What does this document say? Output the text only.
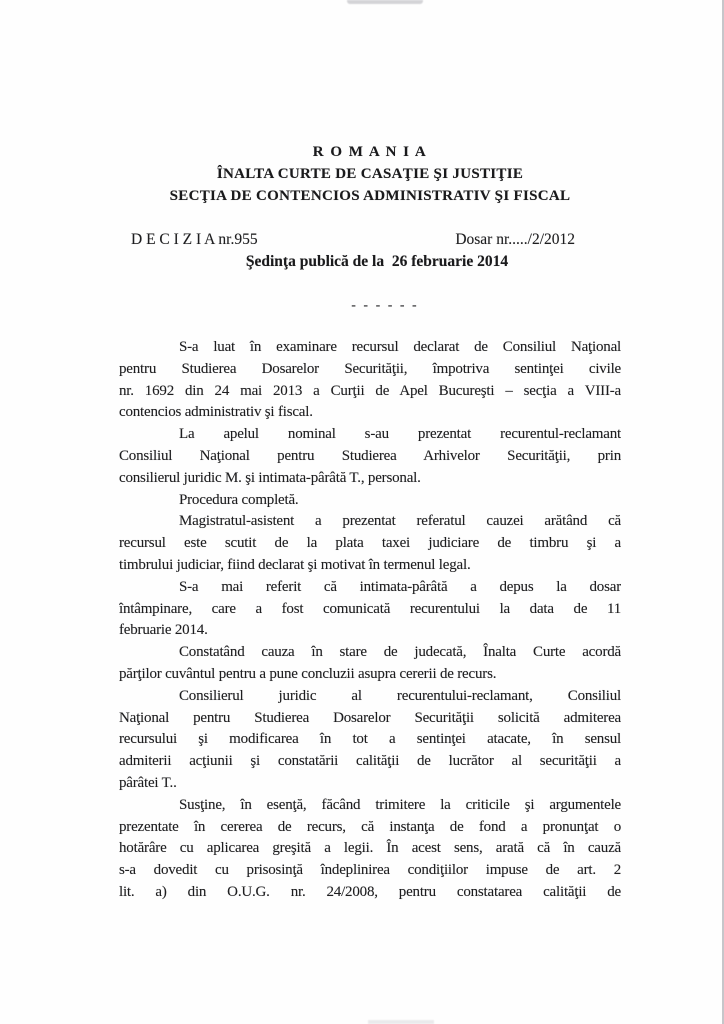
R O M A N I A
ÎNALTA CURTE DE CASAŢIE ŞI JUSTIŢIE
SECŢIA DE CONTENCIOS ADMINISTRATIV ŞI FISCAL
D E C I Z I A nr.955	Dosar nr...../2/2012
Şedinţa publică de la  26 februarie 2014
- - - - - -
S-a luat în examinare recursul declarat de Consiliul Naţional
pentru Studierea Dosarelor Securităţii, împotriva sentinţei civile
nr. 1692 din 24 mai 2013 a Curţii de Apel Bucureşti – secţia a VIII-a
contencios administrativ şi fiscal.
La apelul nominal s-au prezentat recurentul-reclamant
Consiliul Naţional pentru Studierea Arhivelor Securităţii, prin
consilierul juridic M. şi intimata-pârâtă T., personal.
Procedura completă.
Magistratul-asistent a prezentat referatul cauzei arătând că
recursul este scutit de la plata taxei judiciare de timbru şi a
timbrului judiciar, fiind declarat şi motivat în termenul legal.
S-a mai referit că intimata-pârâtă a depus la dosar
întâmpinare, care a fost comunicată recurentului la data de 11
februarie 2014.
Constatând cauza în stare de judecată, Înalta Curte acordă
părţilor cuvântul pentru a pune concluzii asupra cererii de recurs.
Consilierul juridic al recurentului-reclamant, Consiliul
Naţional pentru Studierea Dosarelor Securităţii solicită admiterea
recursului şi modificarea în tot a sentinţei atacate, în sensul
admiterii acţiunii şi constatării calităţii de lucrător al securităţii a
pârâtei T..
Susţine, în esenţă, făcând trimitere la criticile şi argumentele
prezentate în cererea de recurs, că instanţa de fond a pronunţat o
hotărâre cu aplicarea greşită a legii. În acest sens, arată că în cauză
s-a dovedit cu prisosinţă îndeplinirea condiţiilor impuse de art. 2
lit. a) din O.U.G. nr. 24/2008, pentru constatarea calităţii de
